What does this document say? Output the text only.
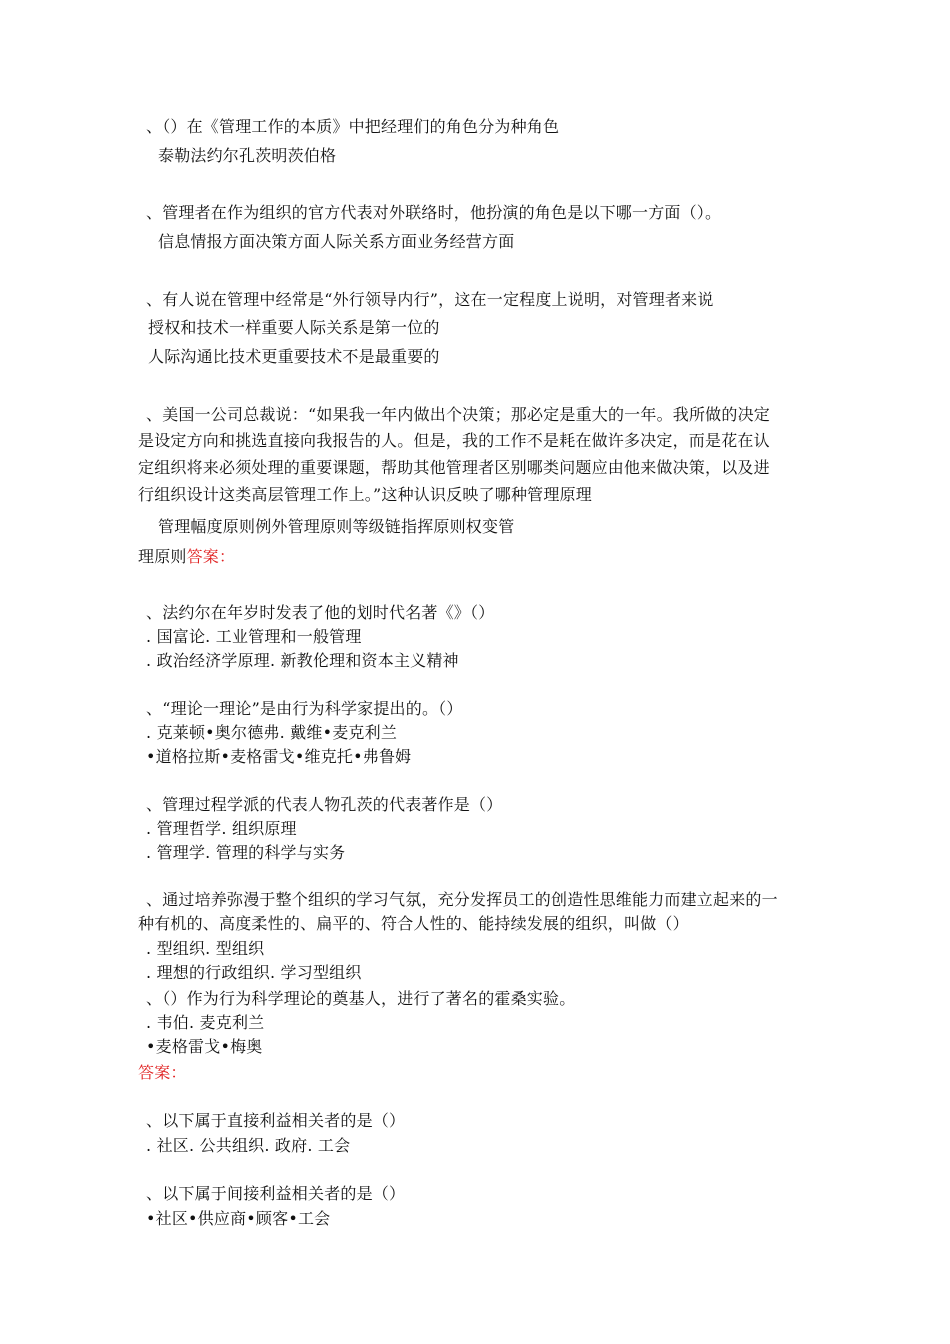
、（）在《管理工作的本质》中把经理们的角色分为种角色
泰勒法约尔孔茨明茨伯格
、管理者在作为组织的官方代表对外联络时，他扮演的角色是以下哪一方面（）。
信息情报方面决策方面人际关系方面业务经营方面
、有人说在管理中经常是“外行领导内行”，这在一定程度上说明，对管理者来说
授权和技术一样重要人际关系是第一位的
人际沟通比技术更重要技术不是最重要的
、美国一公司总裁说：“如果我一年内做出个决策；那必定是重大的一年。我所做的决定
是设定方向和挑选直接向我报告的人。但是，我的工作不是耗在做许多决定，而是花在认
定组织将来必须处理的重要课题，帮助其他管理者区别哪类问题应由他来做决策，以及进
行组织设计这类高层管理工作上。”这种认识反映了哪种管理原理
管理幅度原则例外管理原则等级链指挥原则权变管
理原则答案：
、法约尔在年岁时发表了他的划时代名著《》（）
. 国富论. 工业管理和一般管理
. 政治经济学原理. 新教伦理和资本主义精神
、“理论一理论”是由行为科学家提出的。（）
. 克莱顿•奥尔德弗. 戴维•麦克利兰
•道格拉斯•麦格雷戈•维克托•弗鲁姆
、管理过程学派的代表人物孔茨的代表著作是（）
. 管理哲学. 组织原理
. 管理学. 管理的科学与实务
、通过培养弥漫于整个组织的学习气氛，充分发挥员工的创造性思维能力而建立起来的一
种有机的、高度柔性的、扁平的、符合人性的、能持续发展的组织，叫做（）
. 型组织. 型组织
. 理想的行政组织. 学习型组织
、（）作为行为科学理论的奠基人，进行了著名的霍桑实验。
. 韦伯. 麦克利兰
•麦格雷戈•梅奥
答案：
、以下属于直接利益相关者的是（）
. 社区. 公共组织. 政府. 工会
、以下属于间接利益相关者的是（）
•社区•供应商•顾客•工会
